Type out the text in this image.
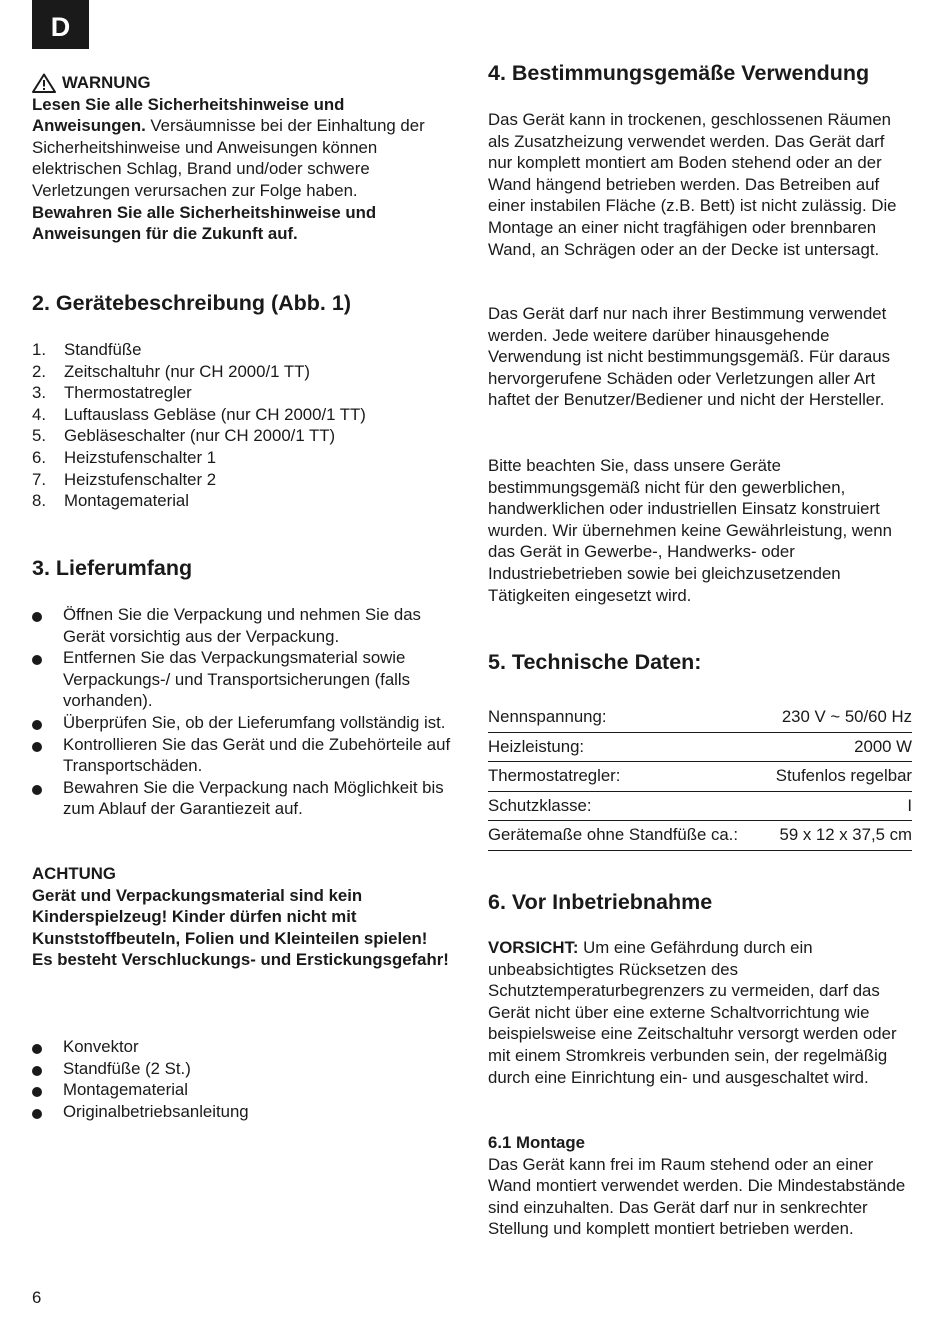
D
WARNUNG

Lesen Sie alle Sicherheitshinweise und Anweisungen. Versäumnisse bei der Einhaltung der Sicherheitshinweise und Anweisungen können elektrischen Schlag, Brand und/oder schwere Verletzungen verursachen zur Folge haben.

Bewahren Sie alle Sicherheitshinweise und Anweisungen für die Zukunft auf.

2. Gerätebeschreibung (Abb. 1)
1.	Standfüße
2.	Zeitschaltuhr (nur CH 2000/1 TT)
3.	Thermostatregler
4.	Luftauslass Gebläse (nur CH 2000/1 TT)
5.	Gebläseschalter (nur CH 2000/1 TT)
6.	Heizstufenschalter 1
7.	Heizstufenschalter 2
8.	Montagematerial
3. Lieferumfang
Öffnen Sie die Verpackung und nehmen Sie das Gerät vorsichtig aus der Verpackung.
Entfernen Sie das Verpackungsmaterial sowie Verpackungs-/ und Transportsicherungen (falls vorhanden).
Überprüfen Sie, ob der Lieferumfang vollständig ist.
Kontrollieren Sie das Gerät und die Zubehörteile auf Transportschäden.
Bewahren Sie die Verpackung nach Möglichkeit bis zum Ablauf der Garantiezeit auf.

ACHTUNG

Gerät und Verpackungsmaterial sind kein Kinderspielzeug! Kinder dürfen nicht mit Kunststoffbeuteln, Folien und Kleinteilen spielen!

Es besteht Verschluckungs- und Erstickungsgefahr!

Konvektor
Standfüße (2 St.)
Montagematerial
Originalbetriebsanleitung
4. Bestimmungsgemäße Verwendung

Das Gerät kann in trockenen, geschlossenen Räumen als Zusatzheizung verwendet werden. Das Gerät darf nur komplett montiert am Boden stehend oder an der Wand hängend betrieben werden. Das Betreiben auf einer instabilen Fläche (z.B. Bett) ist nicht zulässig. Die Montage an einer nicht tragfähigen oder brennbaren Wand, an Schrägen oder an der Decke ist untersagt.

Das Gerät darf nur nach ihrer Bestimmung verwendet werden. Jede weitere darüber hinausgehende Verwendung ist nicht bestimmungsgemäß. Für daraus hervorgerufene Schäden oder Verletzungen aller Art haftet der Benutzer/Bediener und nicht der Hersteller.

Bitte beachten Sie, dass unsere Geräte bestimmungsgemäß nicht für den gewerblichen, handwerklichen oder industriellen Einsatz konstruiert wurden. Wir übernehmen keine Gewährleistung, wenn das Gerät in Gewerbe-, Handwerks- oder Industriebetrieben sowie bei gleichzusetzenden Tätigkeiten eingesetzt wird.

5. Technische Daten:
Nennspannung:	230 V ~ 50/60 Hz
Heizleistung:	2000 W
Thermostatregler:	Stufenlos regelbar
Schutzklasse:	I
Gerätemaße ohne Standfüße ca.:	59 x 12 x 37,5 cm
6. Vor Inbetriebnahme

VORSICHT: Um eine Gefährdung durch ein unbeabsichtigtes Rücksetzen des Schutztemperaturbegrenzers zu vermeiden, darf das Gerät nicht über eine externe Schaltvorrichtung wie beispielsweise eine Zeitschaltuhr versorgt werden oder mit einem Stromkreis verbunden sein, der regelmäßig durch eine Einrichtung ein- und ausgeschaltet wird.

6.1 Montage

Das Gerät kann frei im Raum stehend oder an einer Wand montiert verwendet werden. Die Mindestabstände sind einzuhalten. Das Gerät darf nur in senkrechter Stellung und komplett montiert betrieben werden.

6
